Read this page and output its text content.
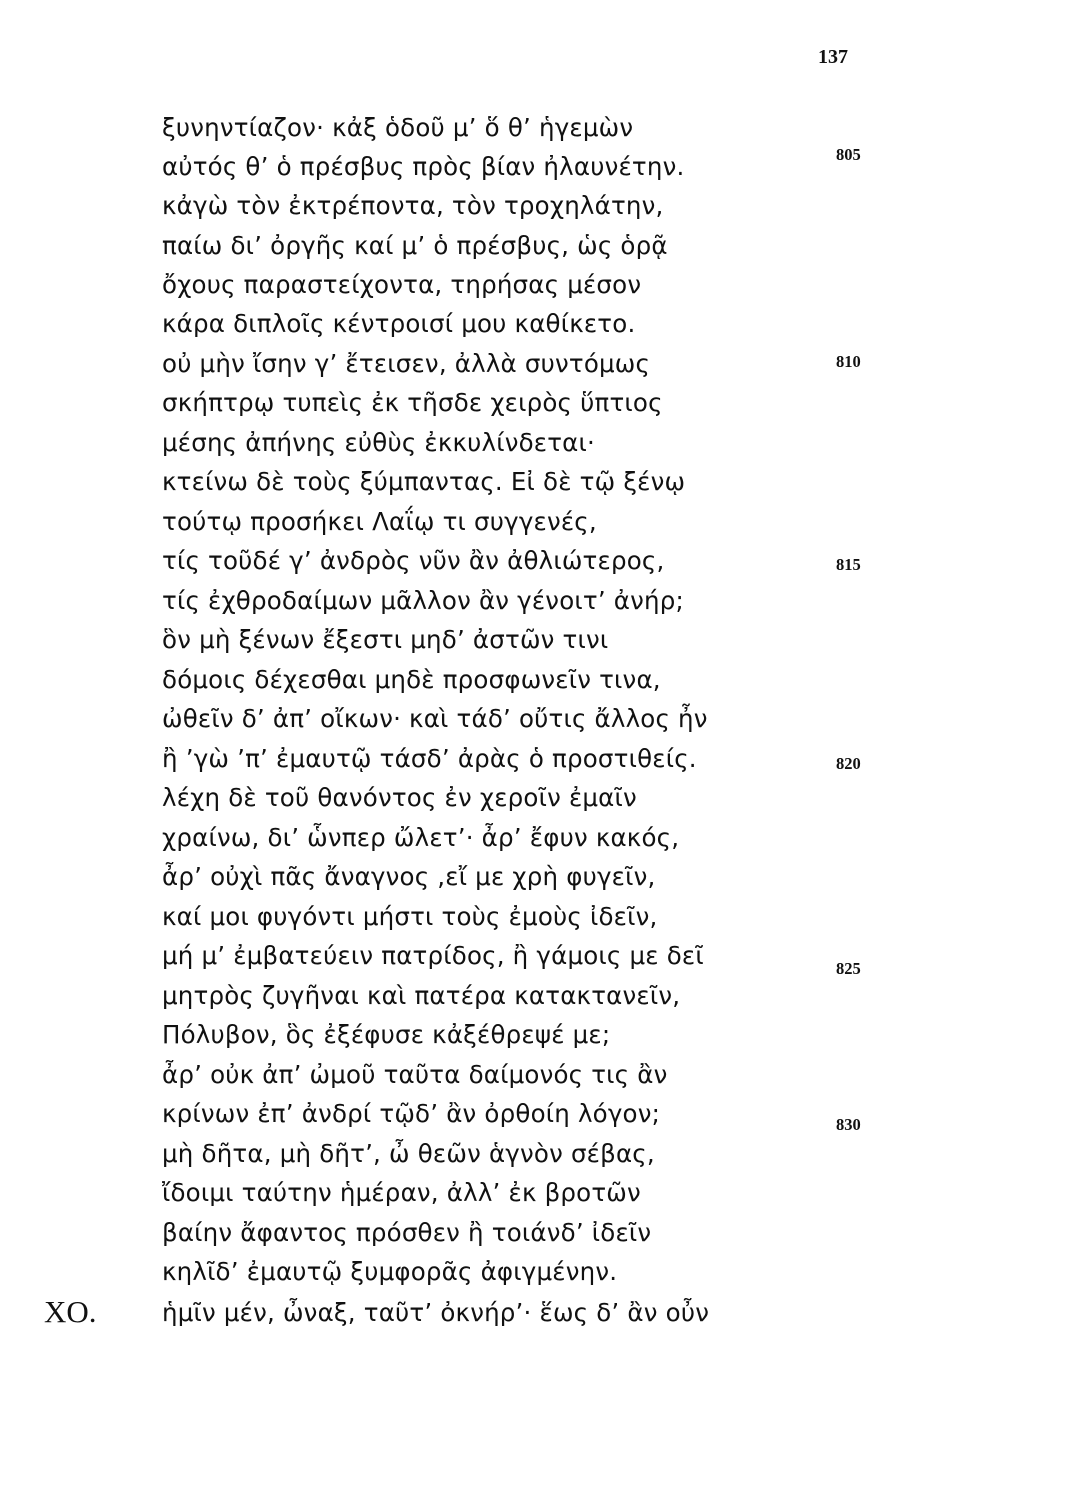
137
ξυνηντίαζον· κἀξ ὁδοῦ μ’ ὅ θ’ ἡγεμὼν
αὐτός θ’ ὁ πρέσβυς πρὸς βίαν ἠλαυνέτην.
κἀγὼ τὸν ἐκτρέποντα, τὸν τροχηλάτην,
παίω δι’ ὀργῆς καί μ’ ὁ πρέσβυς, ὡς ὁρᾷ
ὄχους παραστείχοντα, τηρήσας μέσον
κάρα διπλοῖς κέντροισί μου καθίκετο.
οὐ μὴν ἴσην γ’ ἔτεισεν, ἀλλὰ συντόμως
σκήπτρῳ τυπεὶς ἐκ τῆσδε χειρὸς ὕπτιος
μέσης ἀπήνης εὐθὺς ἐκκυλίνδεται·
κτείνω δὲ τοὺς ξύμπαντας. Εἰ δὲ τῷ ξένῳ
τούτῳ προσήκει Λαΐῳ τι συγγενές,
τίς τοῦδέ γ’ ἀνδρὸς νῦν ἂν ἀθλιώτερος,
τίς ἐχθροδαίμων μᾶλλον ἂν γένοιτ’ ἀνήρ;
ὃν μὴ ξένων ἔξεστι μηδ’ ἀστῶν τινι
δόμοις δέχεσθαι μηδὲ προσφωνεῖν τινα,
ὠθεῖν δ’ ἀπ’ οἴκων· καὶ τάδ’ οὔτις ἄλλος ἦν
ἢ ’γὼ ’π’ ἐμαυτῷ τάσδ’ ἀρὰς ὁ προστιθείς.
λέχη δὲ τοῦ θανόντος ἐν χεροῖν ἐμαῖν
χραίνω, δι’ ὧνπερ ὤλετ’· ἆρ’ ἔφυν κακός,
ἆρ’ οὐχὶ πᾶς ἄναγνος ,εἴ με χρὴ φυγεῖν,
καί μοι φυγόντι μήστι τοὺς ἐμοὺς ἰδεῖν,
μή μ’ ἐμβατεύειν πατρίδος, ἢ γάμοις με δεῖ
μητρὸς ζυγῆναι καὶ πατέρα κατακτανεῖν,
Πόλυβον, ὃς ἐξέφυσε κἀξέθρεψέ με;
ἆρ’ οὐκ ἀπ’ ὠμοῦ ταῦτα δαίμονός τις ἂν
κρίνων ἐπ’ ἀνδρί τῷδ’ ἂν ὀρθοίη λόγον;
μὴ δῆτα, μὴ δῆτ’, ὦ θεῶν ἁγνὸν σέβας,
ἴδοιμι ταύτην ἡμέραν, ἀλλ’ ἐκ βροτῶν
βαίην ἄφαντος πρόσθεν ἢ τοιάνδ’ ἰδεῖν
κηλῖδ’ ἐμαυτῷ ξυμφορᾶς ἀφιγμένην.
ἡμῖν μέν, ὦναξ, ταῦτ’ ὀκνήρ’· ἕως δ’ ἂν οὖν
805
810
815
820
825
830
ΧΟ.
